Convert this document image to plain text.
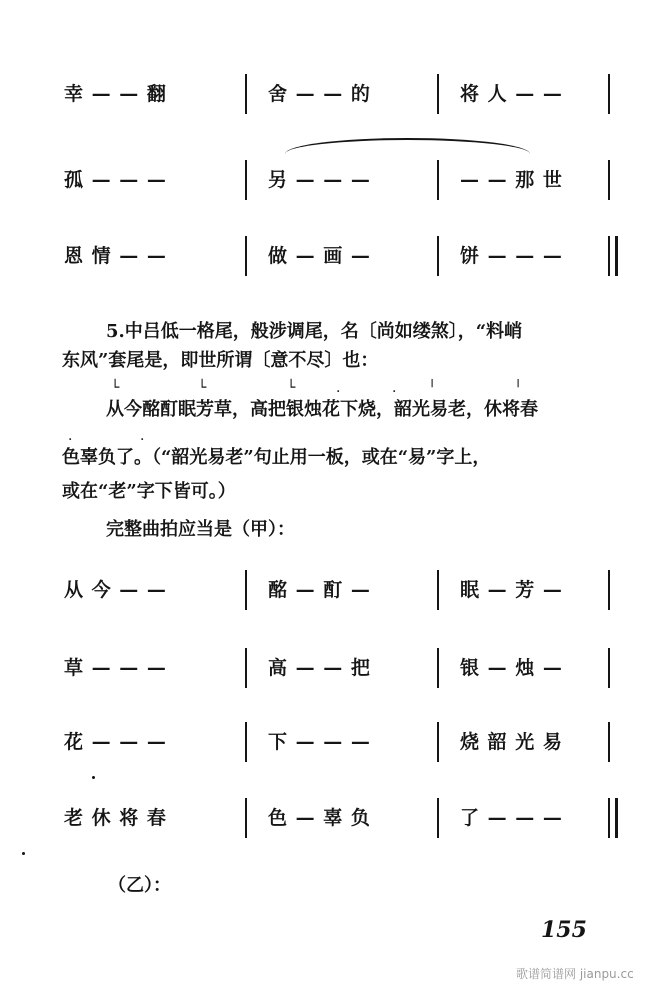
幸 — — 翻	舍 — — 的	将 人 — —
孤 — — —	另 — — —	— — 那 世
恩 情 — —	做 — 画 —	饼 — — —
5.中吕低一格尾，般涉调尾，名〔尚如缕煞〕，“料峭
东风”套尾是，即世所谓〔意不尽〕也：
└	└	└	·	· ╵	╵
从今酩酊眠芳草，高把银烛花下烧，韶光易老，休将春
·	·
色辜负了。（“韶光易老”句止用一板，或在“易”字上，
或在“老”字下皆可。）
完整曲拍应当是（甲）：
从 今 — —	酩 — 酊 —	眠 — 芳 —
草 — — —	高 — — 把	银 — 烛 —
花 — — —	下 — — —	烧 韶 光 易
老 休 将 春	色 — 辜 负	了 — — —
（乙）：
155
歌谱简谱网 jianpu.cc
